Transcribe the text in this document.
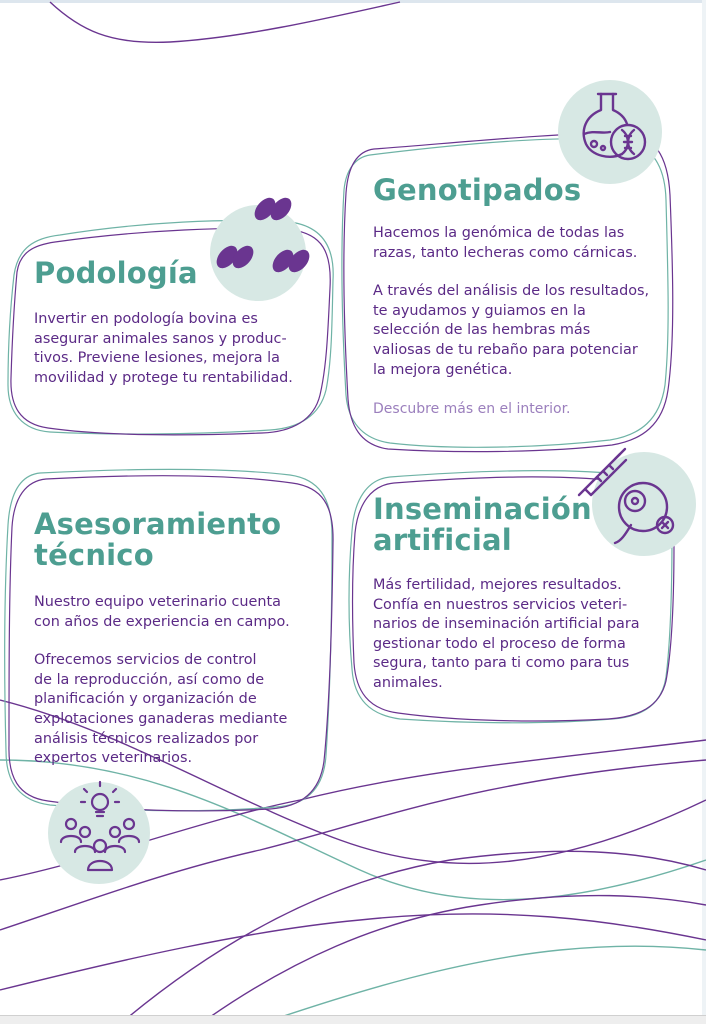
Podología

Invertir en podología bovina es

asegurar animales sanos y produc-

tivos. Previene lesiones, mejora la

movilidad y protege tu rentabilidad.

Genotipados

Hacemos la genómica de todas las

razas, tanto lecheras como cárnicas.

A través del análisis de los resultados,

te ayudamos y guiamos en la

selección de las hembras más

valiosas de tu rebaño para potenciar

la mejora genética.

Descubre más en el interior.
Asesoramiento
técnico

Nuestro equipo veterinario cuenta

con años de experiencia en campo.

Ofrecemos servicios de control

de la reproducción, así como de

planificación y organización de

explotaciones ganaderas mediante

análisis técnicos realizados por

expertos veterinarios.

Inseminación
artificial

Más fertilidad, mejores resultados.

Confía en nuestros servicios veteri-

narios de inseminación artificial para

gestionar todo el proceso de forma

segura, tanto para ti como para tus

animales.
